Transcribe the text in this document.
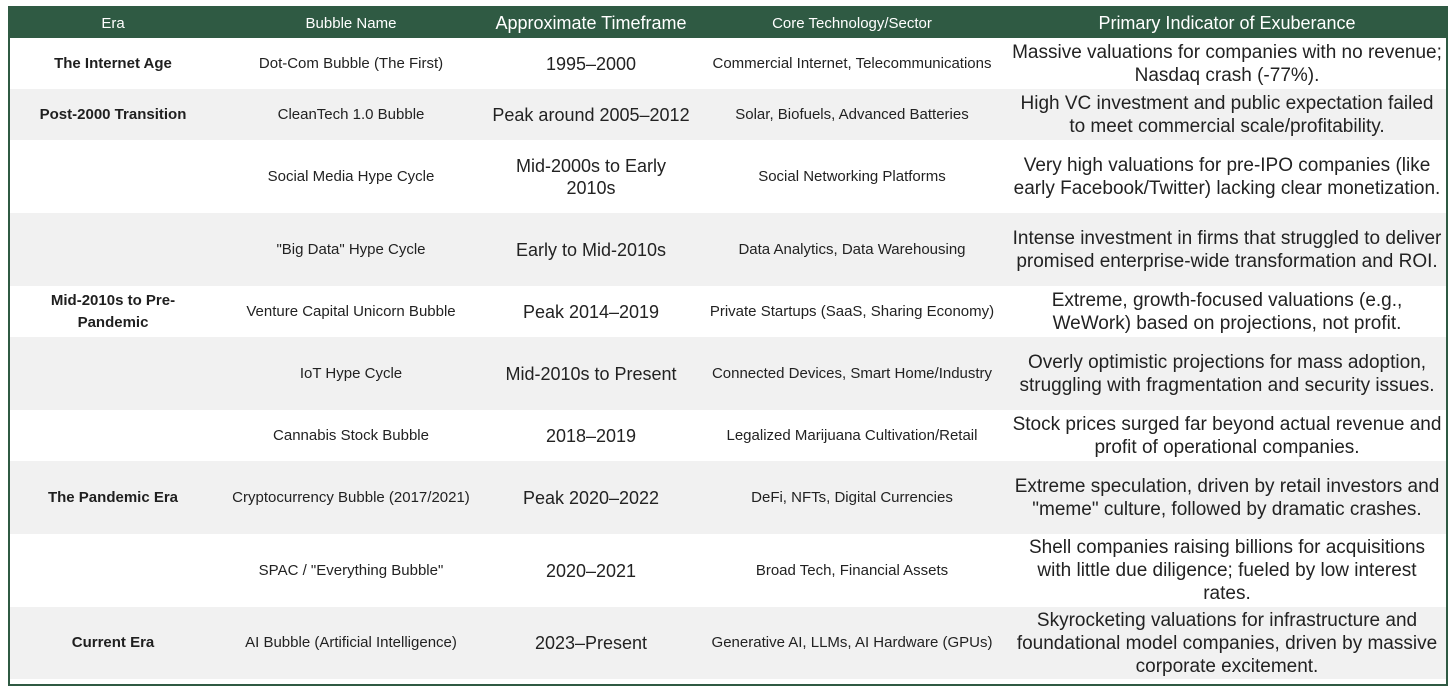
Era	Bubble Name	Approximate Timeframe	Core Technology/Sector	Primary Indicator of Exuberance
The Internet Age	Dot-Com Bubble (The First)	1995–2000	Commercial Internet, Telecommunications	Massive valuations for companies with no revenue; Nasdaq crash (-77%).
Post-2000 Transition	CleanTech 1.0 Bubble	Peak around 2005–2012	Solar, Biofuels, Advanced Batteries	High VC investment and public expectation failed to meet commercial scale/profitability.
	Social Media Hype Cycle	Mid-2000s to Early 2010s	Social Networking Platforms	Very high valuations for pre-IPO companies (like early Facebook/Twitter) lacking clear monetization.
	"Big Data" Hype Cycle	Early to Mid-2010s	Data Analytics, Data Warehousing	Intense investment in firms that struggled to deliver promised enterprise-wide transformation and ROI.
Mid-2010s to Pre-Pandemic	Venture Capital Unicorn Bubble	Peak 2014–2019	Private Startups (SaaS, Sharing Economy)	Extreme, growth-focused valuations (e.g., WeWork) based on projections, not profit.
	IoT Hype Cycle	Mid-2010s to Present	Connected Devices, Smart Home/Industry	Overly optimistic projections for mass adoption, struggling with fragmentation and security issues.
	Cannabis Stock Bubble	2018–2019	Legalized Marijuana Cultivation/Retail	Stock prices surged far beyond actual revenue and profit of operational companies.
The Pandemic Era	Cryptocurrency Bubble (2017/2021)	Peak 2020–2022	DeFi, NFTs, Digital Currencies	Extreme speculation, driven by retail investors and "meme" culture, followed by dramatic crashes.
	SPAC / "Everything Bubble"	2020–2021	Broad Tech, Financial Assets	Shell companies raising billions for acquisitions with little due diligence; fueled by low interest rates.
Current Era	AI Bubble (Artificial Intelligence)	2023–Present	Generative AI, LLMs, AI Hardware (GPUs)	Skyrocketing valuations for infrastructure and foundational model companies, driven by massive corporate excitement.
